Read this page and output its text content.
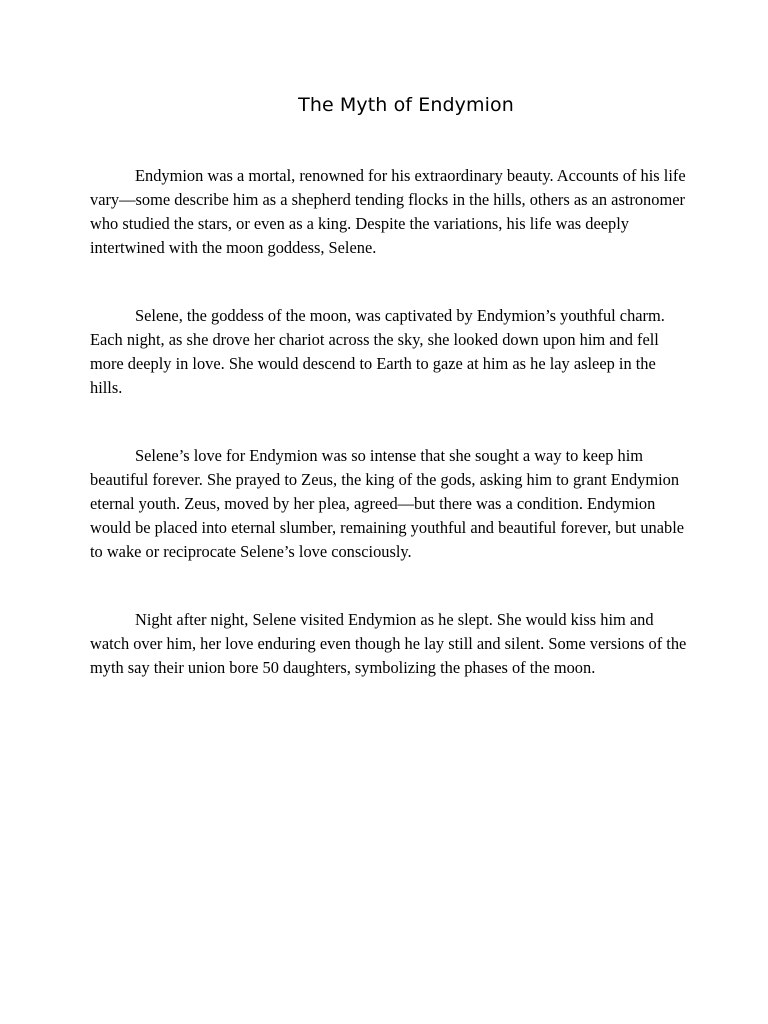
The Myth of Endymion

Endymion was a mortal, renowned for his extraordinary beauty. Accounts of his life vary—some describe him as a shepherd tending flocks in the hills, others as an astronomer who studied the stars, or even as a king. Despite the variations, his life was deeply intertwined with the moon goddess, Selene.

Selene, the goddess of the moon, was captivated by Endymion’s youthful charm. Each night, as she drove her chariot across the sky, she looked down upon him and fell more deeply in love. She would descend to Earth to gaze at him as he lay asleep in the hills.

Selene’s love for Endymion was so intense that she sought a way to keep him beautiful forever. She prayed to Zeus, the king of the gods, asking him to grant Endymion eternal youth. Zeus, moved by her plea, agreed—but there was a condition. Endymion would be placed into eternal slumber, remaining youthful and beautiful forever, but unable to wake or reciprocate Selene’s love consciously.

Night after night, Selene visited Endymion as he slept. She would kiss him and watch over him, her love enduring even though he lay still and silent. Some versions of the myth say their union bore 50 daughters, symbolizing the phases of the moon.
